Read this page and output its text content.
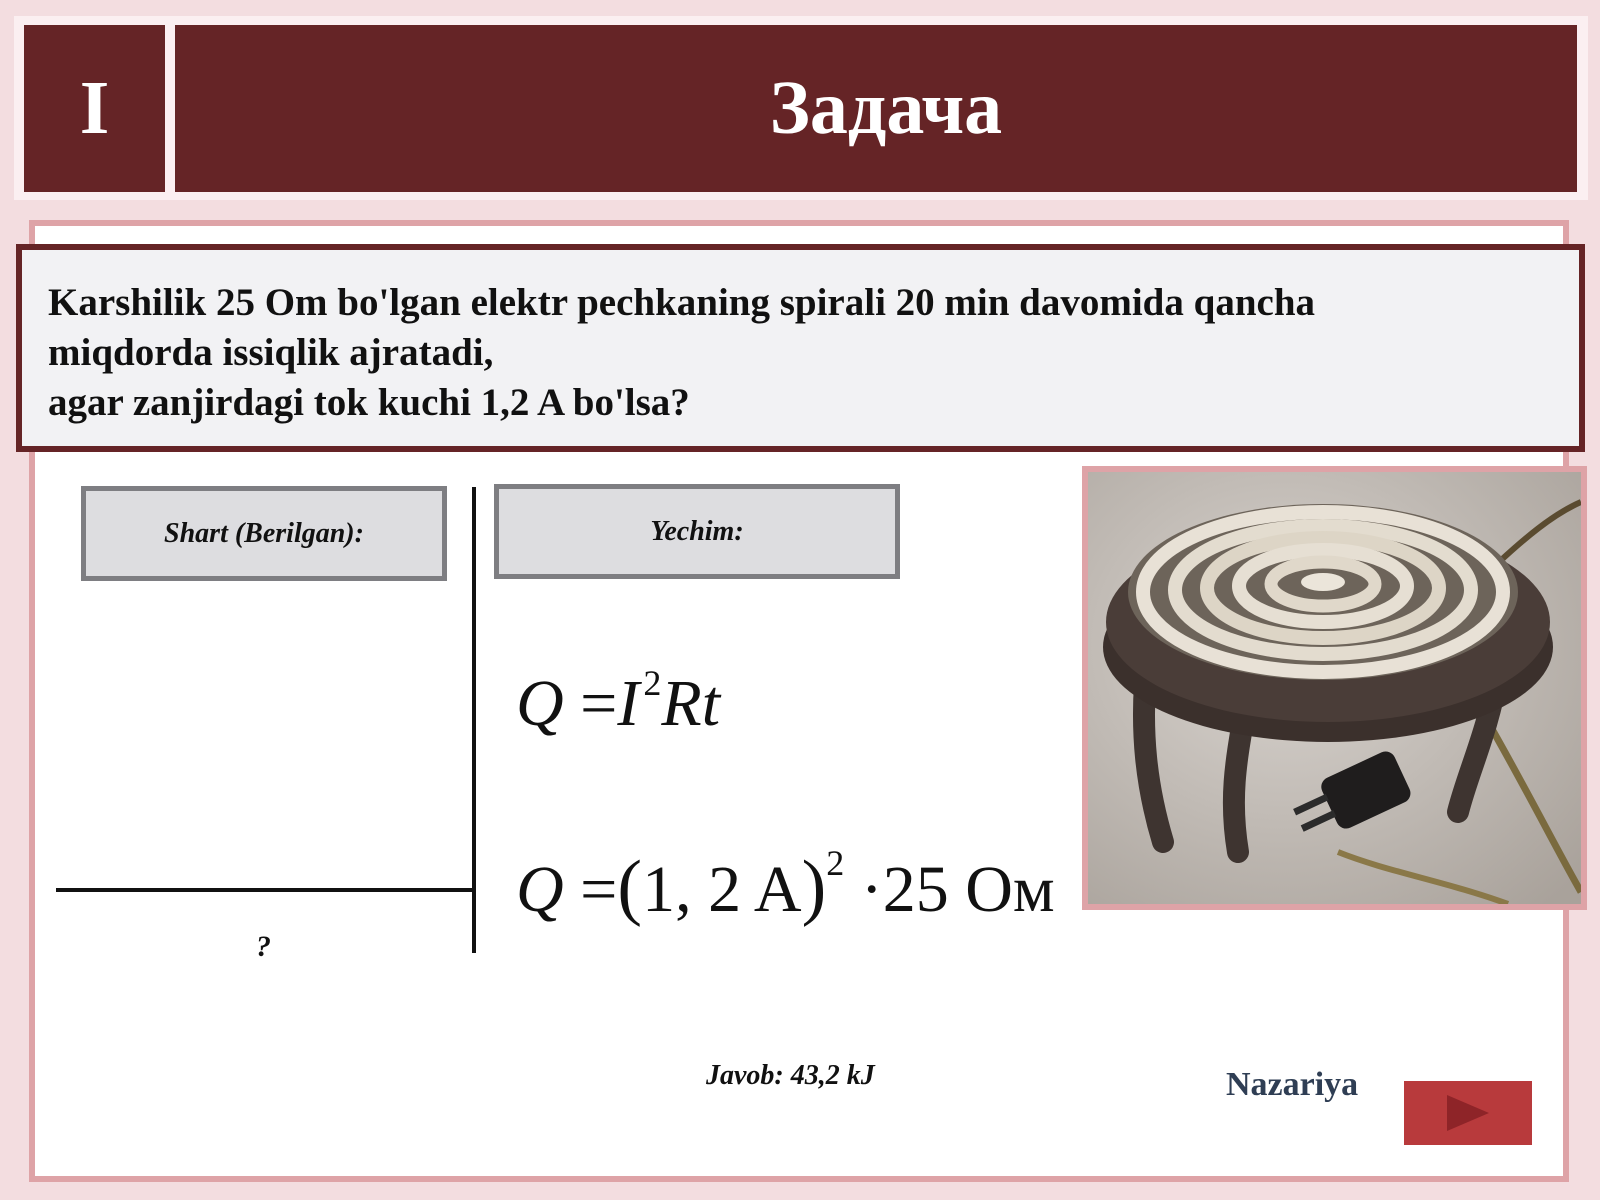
I	Задача
Karshilik 25 Om bo'lgan elektr pechkaning spirali 20 min davomida qancha
miqdorda issiqlik ajratadi,
agar zanjirdagi tok kuchi 1,2 A bo'lsa?
Shart (Berilgan):	Yechim:
?
Q =I $^2$Rt
Q =(1, 2 A)$^2$ ·25 Ом
Javob: 43,2 kJ	Nazariya
